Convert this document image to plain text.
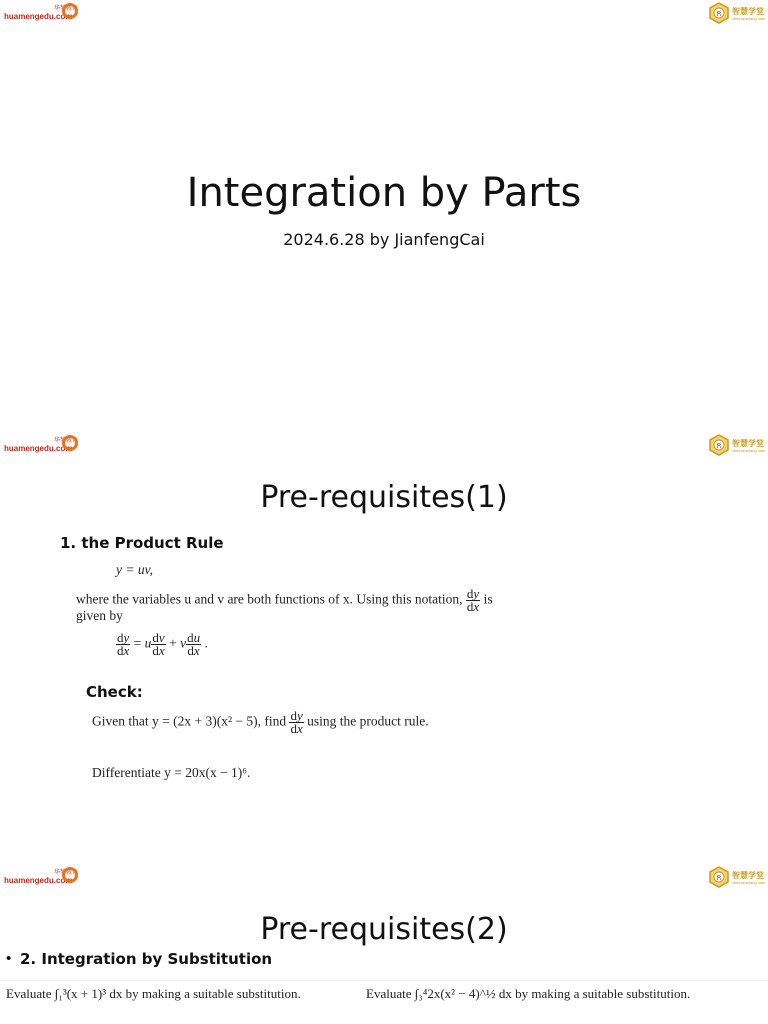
华梦教育
huamengedu.com	R 智慧学堂
zhihuixuetang.com
Integration by Parts
2024.6.28 by JianfengCai
华梦教育
huamengedu.com	R 智慧学堂
zhihuixuetang.com
Pre-requisites(1)
1. the Product Rule
y = uv,
where the variables u and v are both functions of x. Using this notation, $\frac{dy}{dx}$ is
given by
$\frac{dy}{dx} = u \frac{dv}{dx} + v \frac{du}{dx}$ .
Check:
Given that y = (2x + 3)(x² − 5), find $\frac{dy}{dx}$ using the product rule.
Differentiate y = 20x(x − 1)⁶.
华梦教育
huamengedu.com	R 智慧学堂
zhihuixuetang.com
Pre-requisites(2)
• 2. Integration by Substitution
Evaluate ∫₁³(x + 1)³ dx by making a suitable substitution.	Evaluate ∫₃⁴2x(x² − 4)^½ dx by making a suitable substitution.
